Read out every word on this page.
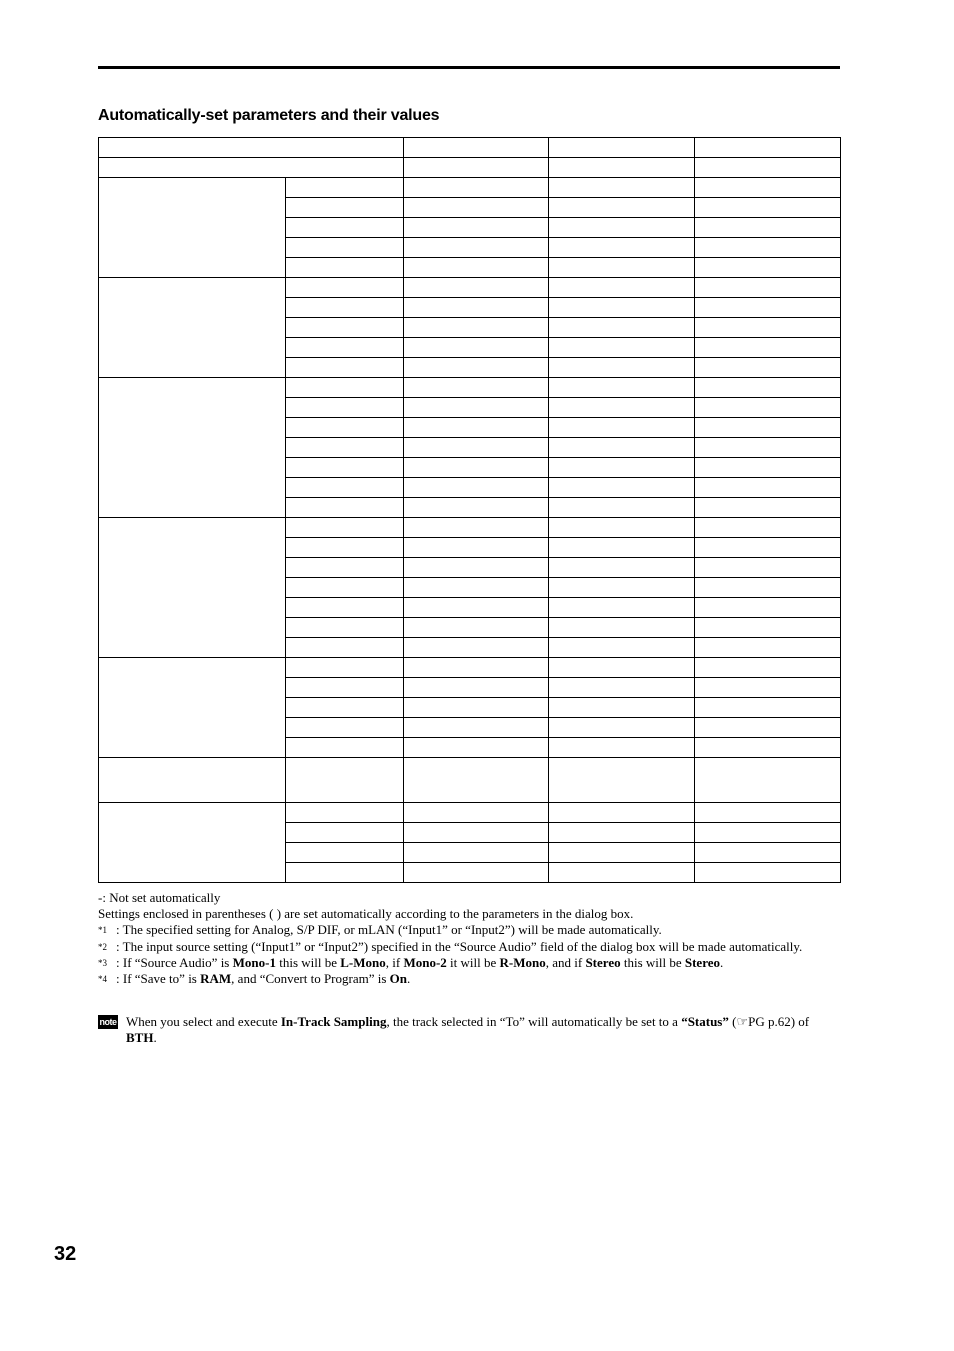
Automatically-set parameters and their values

-: Not set automatically
Settings enclosed in parentheses ( ) are set automatically according to the parameters in the dialog box.
$^{*1}$ : The specified setting for Analog, S/P DIF, or mLAN (“Input1” or “Input2”) will be made automatically.
$^{*2}$ : The input source setting (“Input1” or “Input2”) specified in the “Source Audio” field of the dialog box will be made automatically.
$^{*3}$ : If “Source Audio” is Mono-1 this will be L-Mono, if Mono-2 it will be R-Mono, and if Stereo this will be Stereo.
$^{*4}$ : If “Save to” is RAM, and “Convert to Program” is On.
note When you select and execute In-Track Sampling, the track selected in “To” will automatically be set to a “Status” (☞PG p.62) of BTH.
32
